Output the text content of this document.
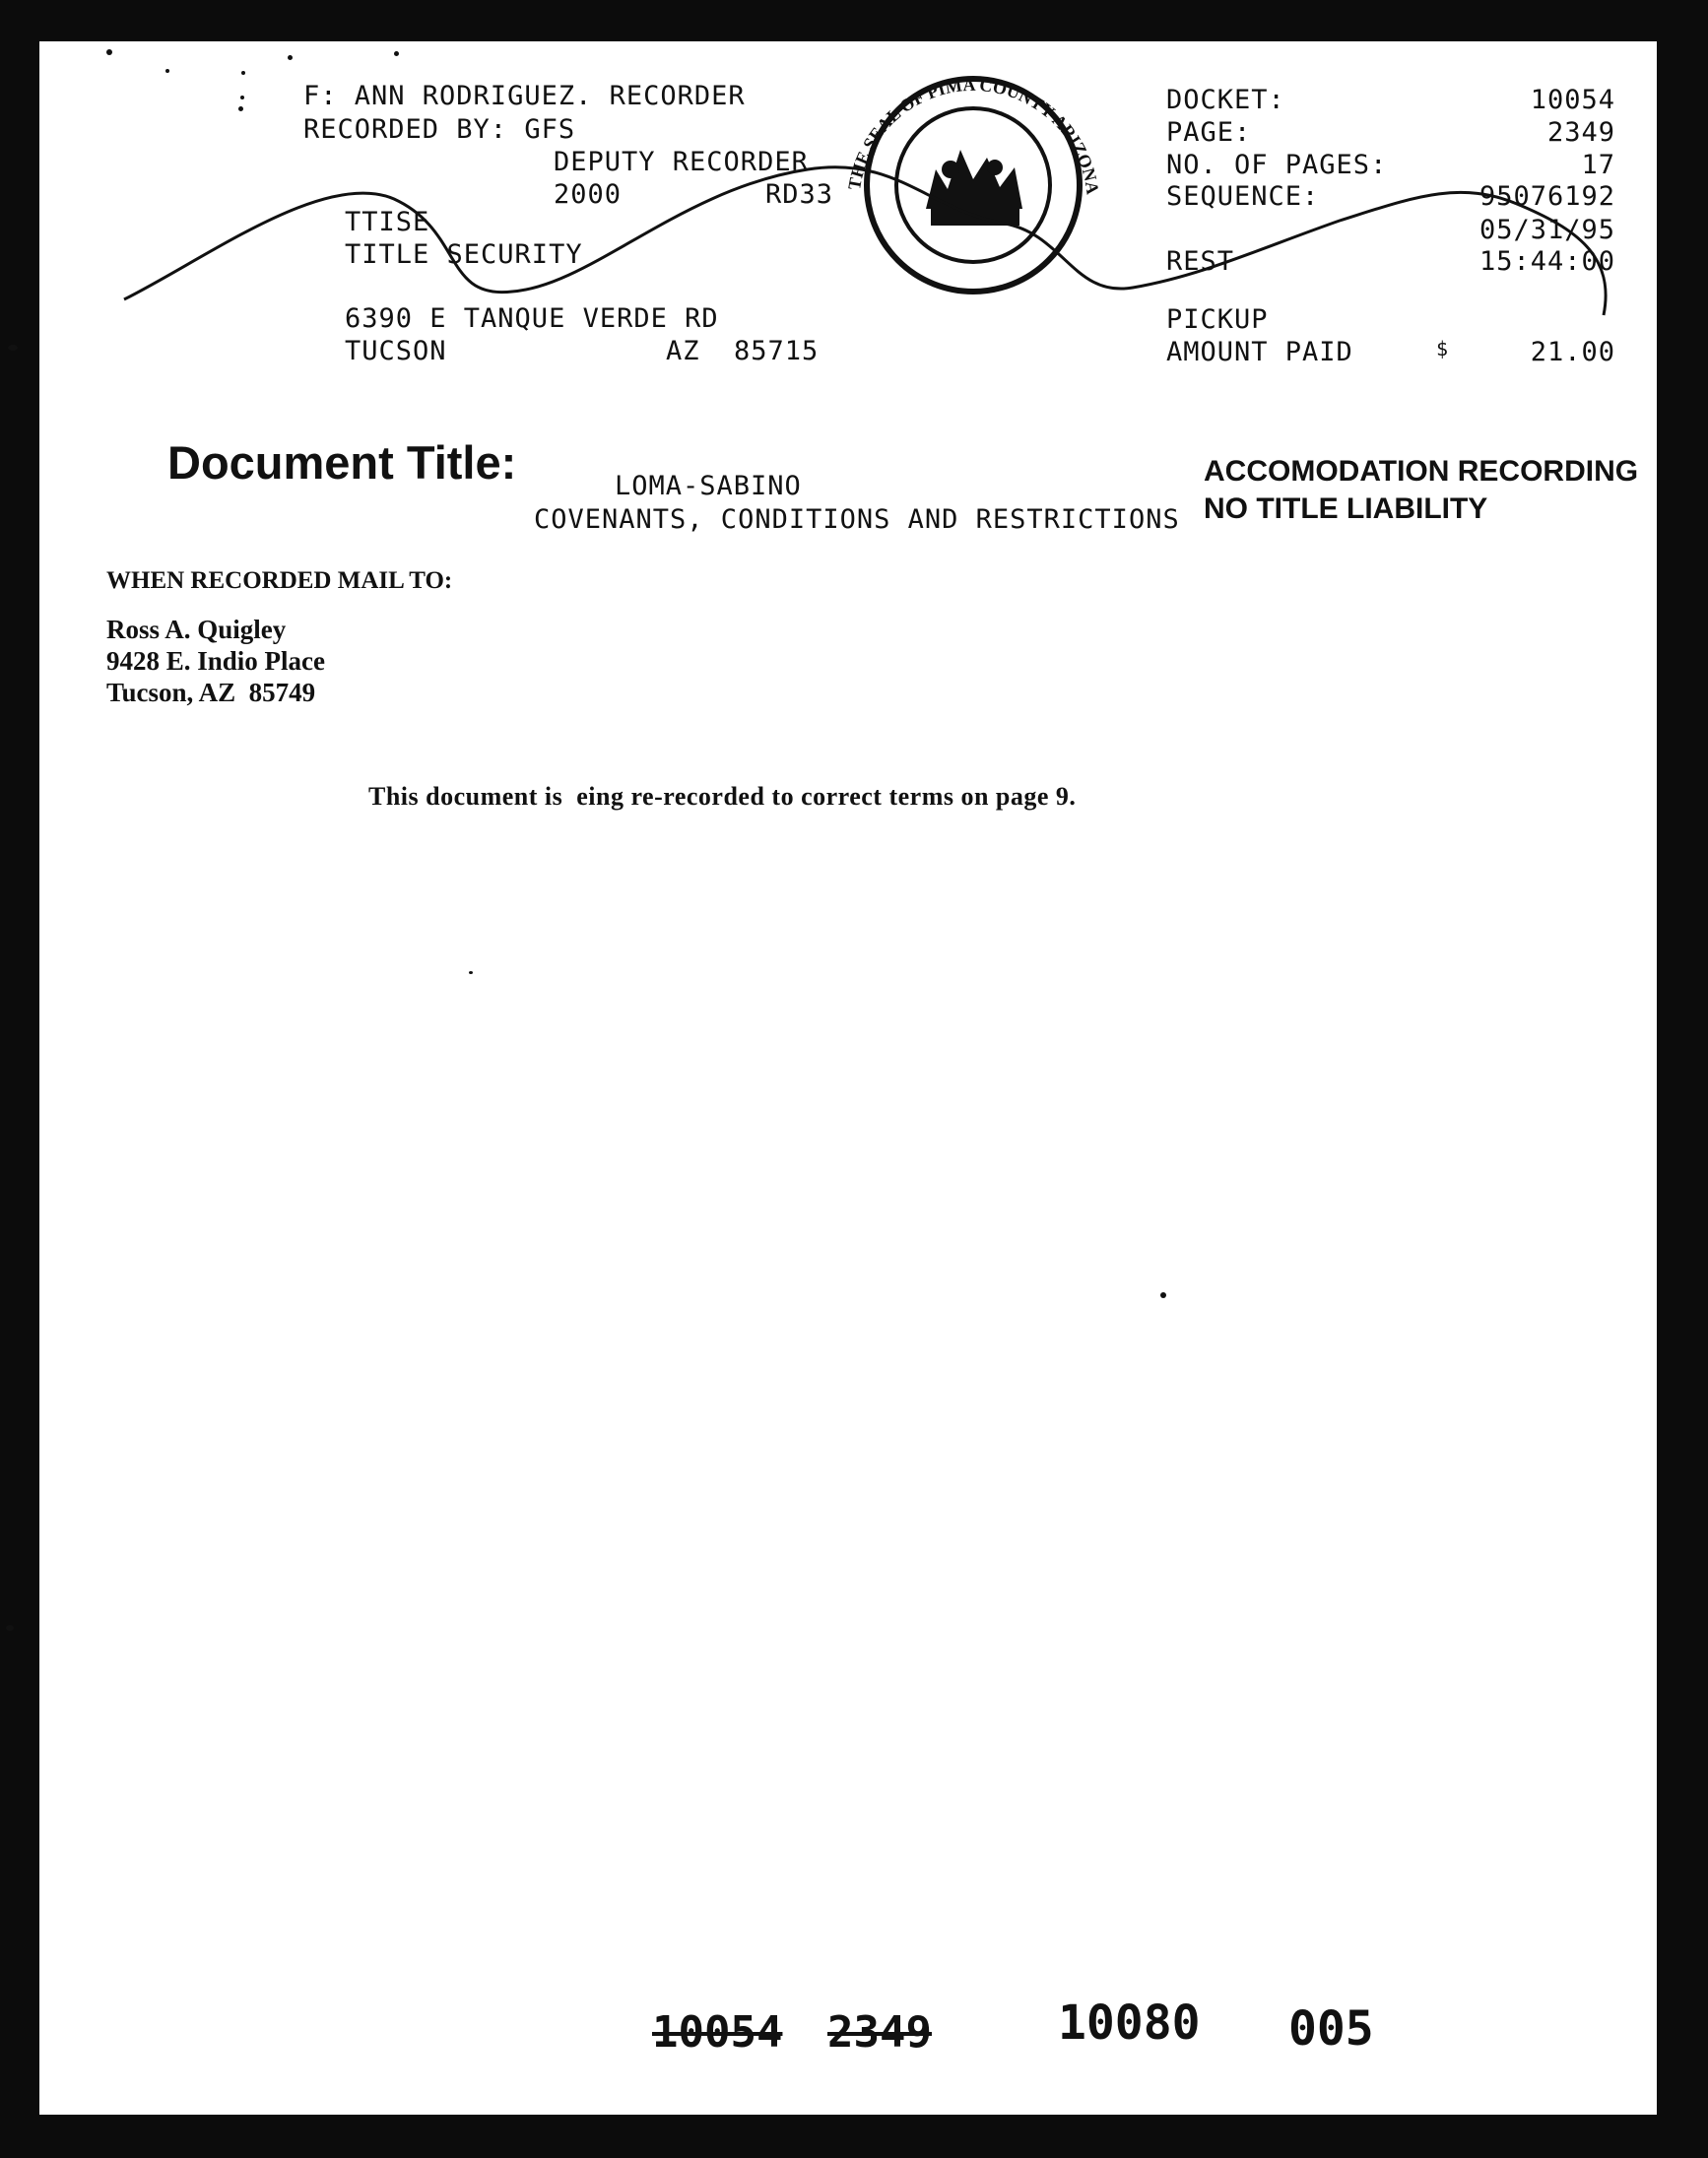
F: ANN RODRIGUEZ. RECORDER
RECORDED BY: GFS
DEPUTY RECORDER
2000	RD33
TTISE
TITLE SECURITY
6390 E TANQUE VERDE RD
TUCSON	AZ  85715
THE SEAL OF PIMA COUNTY ARIZONA
DOCKET:	10054
PAGE:	2349
NO. OF PAGES:	17
SEQUENCE:	95076192
05/31/95
REST	15:44:00
PICKUP
AMOUNT PAID	$	21.00
Document Title:	LOMA-SABINO
COVENANTS, CONDITIONS AND RESTRICTIONS
ACCOMODATION RECORDING
NO TITLE LIABILITY
WHEN RECORDED MAIL TO:
Ross A. Quigley
9428 E. Indio Place
Tucson, AZ  85749
This document is  eing re-recorded to correct terms on page 9.
10054 2349	10080 005
